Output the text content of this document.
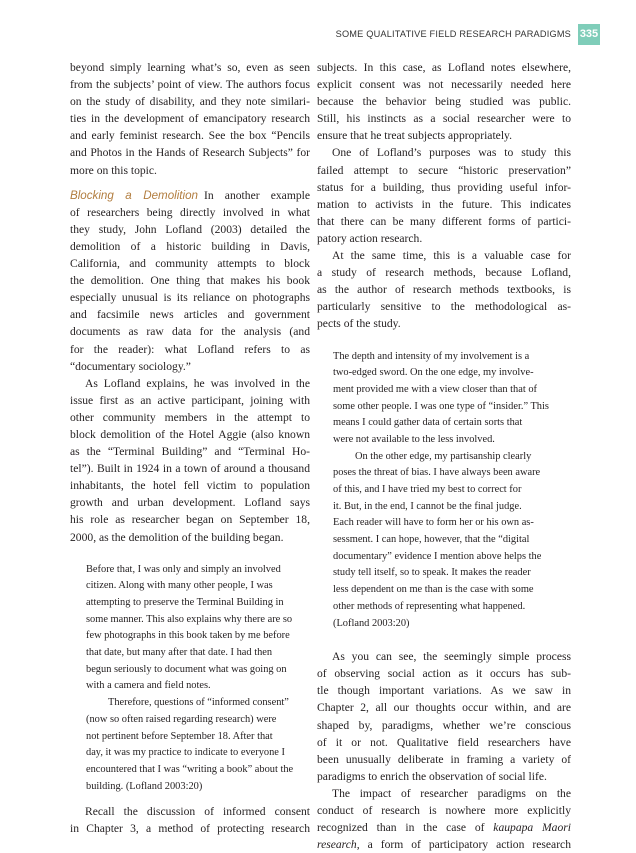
SOME QUALITATIVE FIELD RESEARCH PARADIGMS 335
beyond simply learning what’s so, even as seen
from the subjects’ point of view. The authors focus
on the study of disability, and they note similari-
ties in the development of emancipatory research
and early feminist research. See the box “Pencils
and Photos in the Hands of Research Subjects” for
more on this topic.
Blocking a Demolition In another example
of researchers being directly involved in what
they study, John Lofland (2003) detailed the
demolition of a historic building in Davis,
California, and community attempts to block
the demolition. One thing that makes his book
especially unusual is its reliance on photographs
and facsimile news articles and government
documents as raw data for the analysis (and
for the reader): what Lofland refers to as
“documentary sociology.”
As Lofland explains, he was involved in the
issue first as an active participant, joining with
other community members in the attempt to
block demolition of the Hotel Aggie (also known
as the “Terminal Building” and “Terminal Ho-
tel”). Built in 1924 in a town of around a thousand
inhabitants, the hotel fell victim to population
growth and urban development. Lofland says
his role as researcher began on September 18,
2000, as the demolition of the building began.
Before that, I was only and simply an involved
citizen. Along with many other people, I was
attempting to preserve the Terminal Building in
some manner. This also explains why there are so
few photographs in this book taken by me before
that date, but many after that date. I had then
begun seriously to document what was going on
with a camera and field notes.
Therefore, questions of “informed consent”
(now so often raised regarding research) were
not pertinent before September 18. After that
day, it was my practice to indicate to everyone I
encountered that I was “writing a book” about the
building. (Lofland 2003:20)
Recall the discussion of informed consent
in Chapter 3, a method of protecting research
subjects. In this case, as Lofland notes elsewhere,
explicit consent was not necessarily needed here
because the behavior being studied was public.
Still, his instincts as a social researcher were to
ensure that he treat subjects appropriately.
One of Lofland’s purposes was to study this
failed attempt to secure “historic preservation”
status for a building, thus providing useful infor-
mation to activists in the future. This indicates
that there can be many different forms of partici-
patory action research.
At the same time, this is a valuable case for
a study of research methods, because Lofland,
as the author of research methods textbooks, is
particularly sensitive to the methodological as-
pects of the study.
The depth and intensity of my involvement is a
two-edged sword. On the one edge, my involve-
ment provided me with a view closer than that of
some other people. I was one type of “insider.” This
means I could gather data of certain sorts that
were not available to the less involved.
On the other edge, my partisanship clearly
poses the threat of bias. I have always been aware
of this, and I have tried my best to correct for
it. But, in the end, I cannot be the final judge.
Each reader will have to form her or his own as-
sessment. I can hope, however, that the “digital
documentary” evidence I mention above helps the
study tell itself, so to speak. It makes the reader
less dependent on me than is the case with some
other methods of representing what happened.
(Lofland 2003:20)
As you can see, the seemingly simple process
of observing social action as it occurs has sub-
tle though important variations. As we saw in
Chapter 2, all our thoughts occur within, and are
shaped by, paradigms, whether we’re conscious
of it or not. Qualitative field researchers have
been unusually deliberate in framing a variety of
paradigms to enrich the observation of social life.
The impact of researcher paradigms on the
conduct of research is nowhere more explicitly
recognized than in the case of kaupapa Maori
research, a form of participatory action research
